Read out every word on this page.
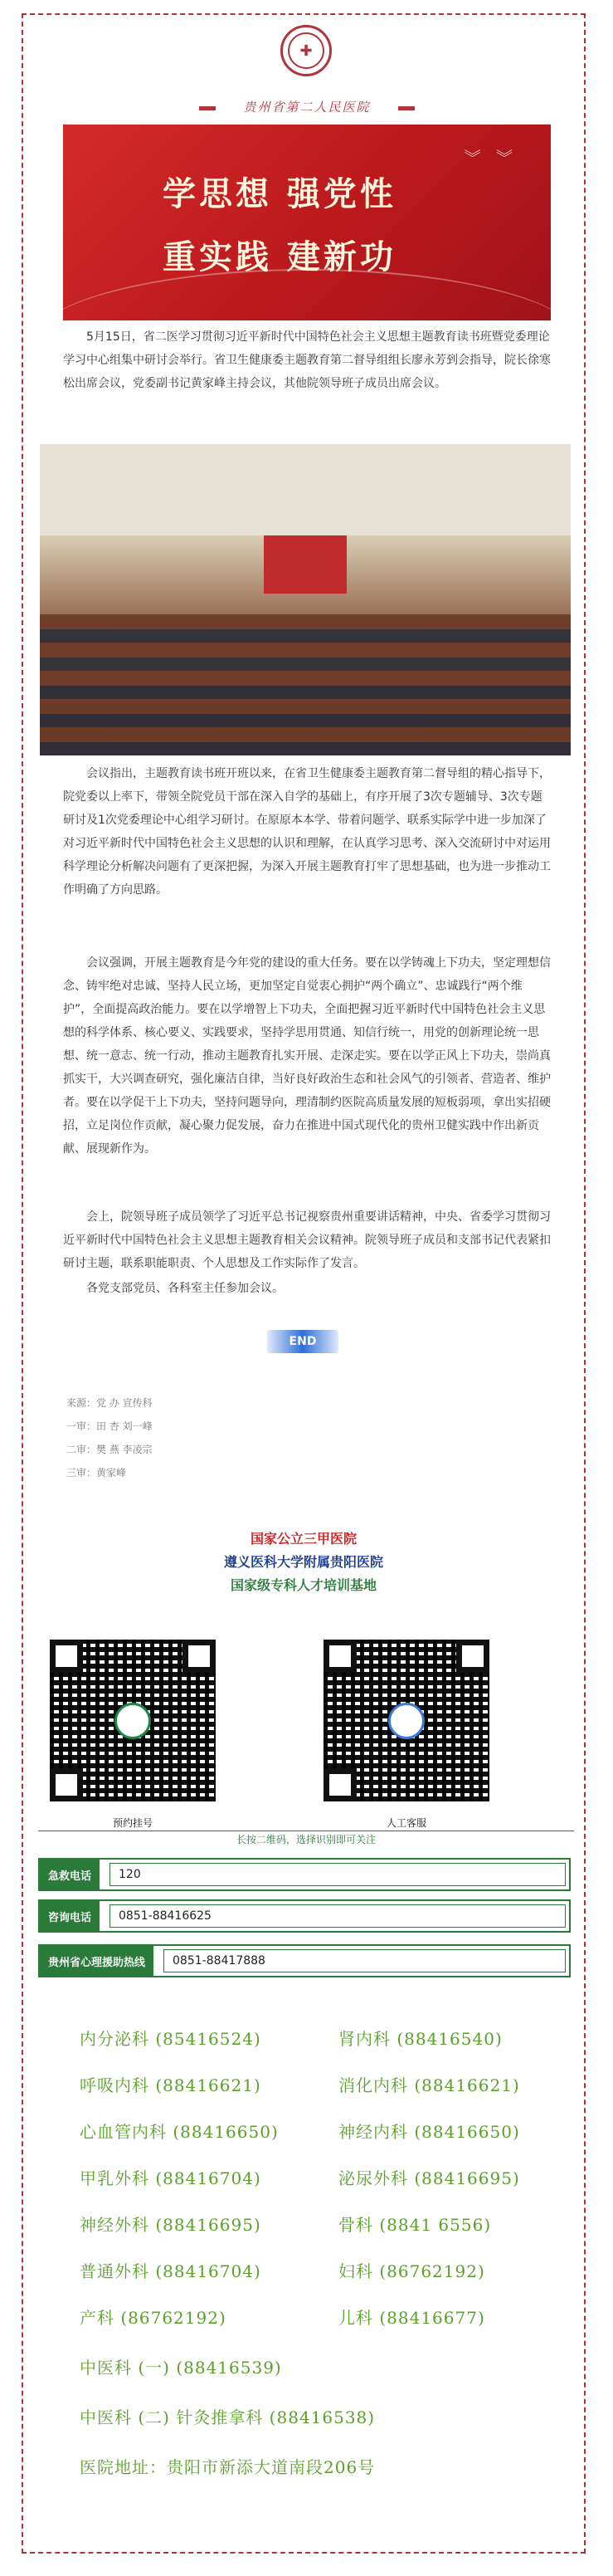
✚
贵州省第二人民医院
︾ ︾
学思想 强党性
重实践 建新功

5月15日，省二医学习贯彻习近平新时代中国特色社会主义思想主题教育读书班暨党委理论学习中心组集中研讨会举行。省卫生健康委主题教育第二督导组组长廖永芳到会指导，院长徐寒松出席会议，党委副书记黄家峰主持会议，其他院领导班子成员出席会议。

会议指出，主题教育读书班开班以来，在省卫生健康委主题教育第二督导组的精心指导下，院党委以上率下，带领全院党员干部在深入自学的基础上，有序开展了3次专题辅导、3次专题研讨及1次党委理论中心组学习研讨。在原原本本学、带着问题学、联系实际学中进一步加深了对习近平新时代中国特色社会主义思想的认识和理解，在认真学习思考、深入交流研讨中对运用科学理论分析解决问题有了更深把握，为深入开展主题教育打牢了思想基础，也为进一步推动工作明确了方向思路。

会议强调，开展主题教育是今年党的建设的重大任务。要在以学铸魂上下功夫，坚定理想信念、铸牢绝对忠诚、坚持人民立场，更加坚定自觉衷心拥护“两个确立”、忠诚践行“两个维护”，全面提高政治能力。要在以学增智上下功夫，全面把握习近平新时代中国特色社会主义思想的科学体系、核心要义、实践要求，坚持学思用贯通、知信行统一，用党的创新理论统一思想、统一意志、统一行动，推动主题教育扎实开展、走深走实。要在以学正风上下功夫，崇尚真抓实干，大兴调查研究，强化廉洁自律，当好良好政治生态和社会风气的引领者、营造者、维护者。要在以学促干上下功夫，坚持问题导向，理清制约医院高质量发展的短板弱项，拿出实招硬招，立足岗位作贡献，凝心聚力促发展，奋力在推进中国式现代化的贵州卫健实践中作出新贡献、展现新作为。

会上，院领导班子成员领学了习近平总书记视察贵州重要讲话精神，中央、省委学习贯彻习近平新时代中国特色社会主义思想主题教育相关会议精神。院领导班子成员和支部书记代表紧扣研讨主题，联系职能职责、个人思想及工作实际作了发言。

各党支部党员、各科室主任参加会议。

END
来源：党 办 宣传科
一审：田 杏 刘一峰
二审：樊 燕 李凌宗
三审：黄家峰
国家公立三甲医院
遵义医科大学附属贵阳医院
国家级专科人才培训基地
预约挂号	人工客服
长按二维码，选择识别即可关注
急救电话	120
咨询电话	0851-88416625
贵州省心理援助热线	0851-88417888
内分泌科 (85416524)	肾内科 (88416540)
呼吸内科 (88416621)	消化内科 (88416621)
心血管内科 (88416650)	神经内科 (88416650)
甲乳外科 (88416704)	泌尿外科 (88416695)
神经外科 (88416695)	骨科 (8841 6556)
普通外科 (88416704)	妇科 (86762192)
产科 (86762192)	儿科 (88416677)
中医科 (一) (88416539)
中医科 (二) 针灸推拿科 (88416538)
医院地址：贵阳市新添大道南段206号
